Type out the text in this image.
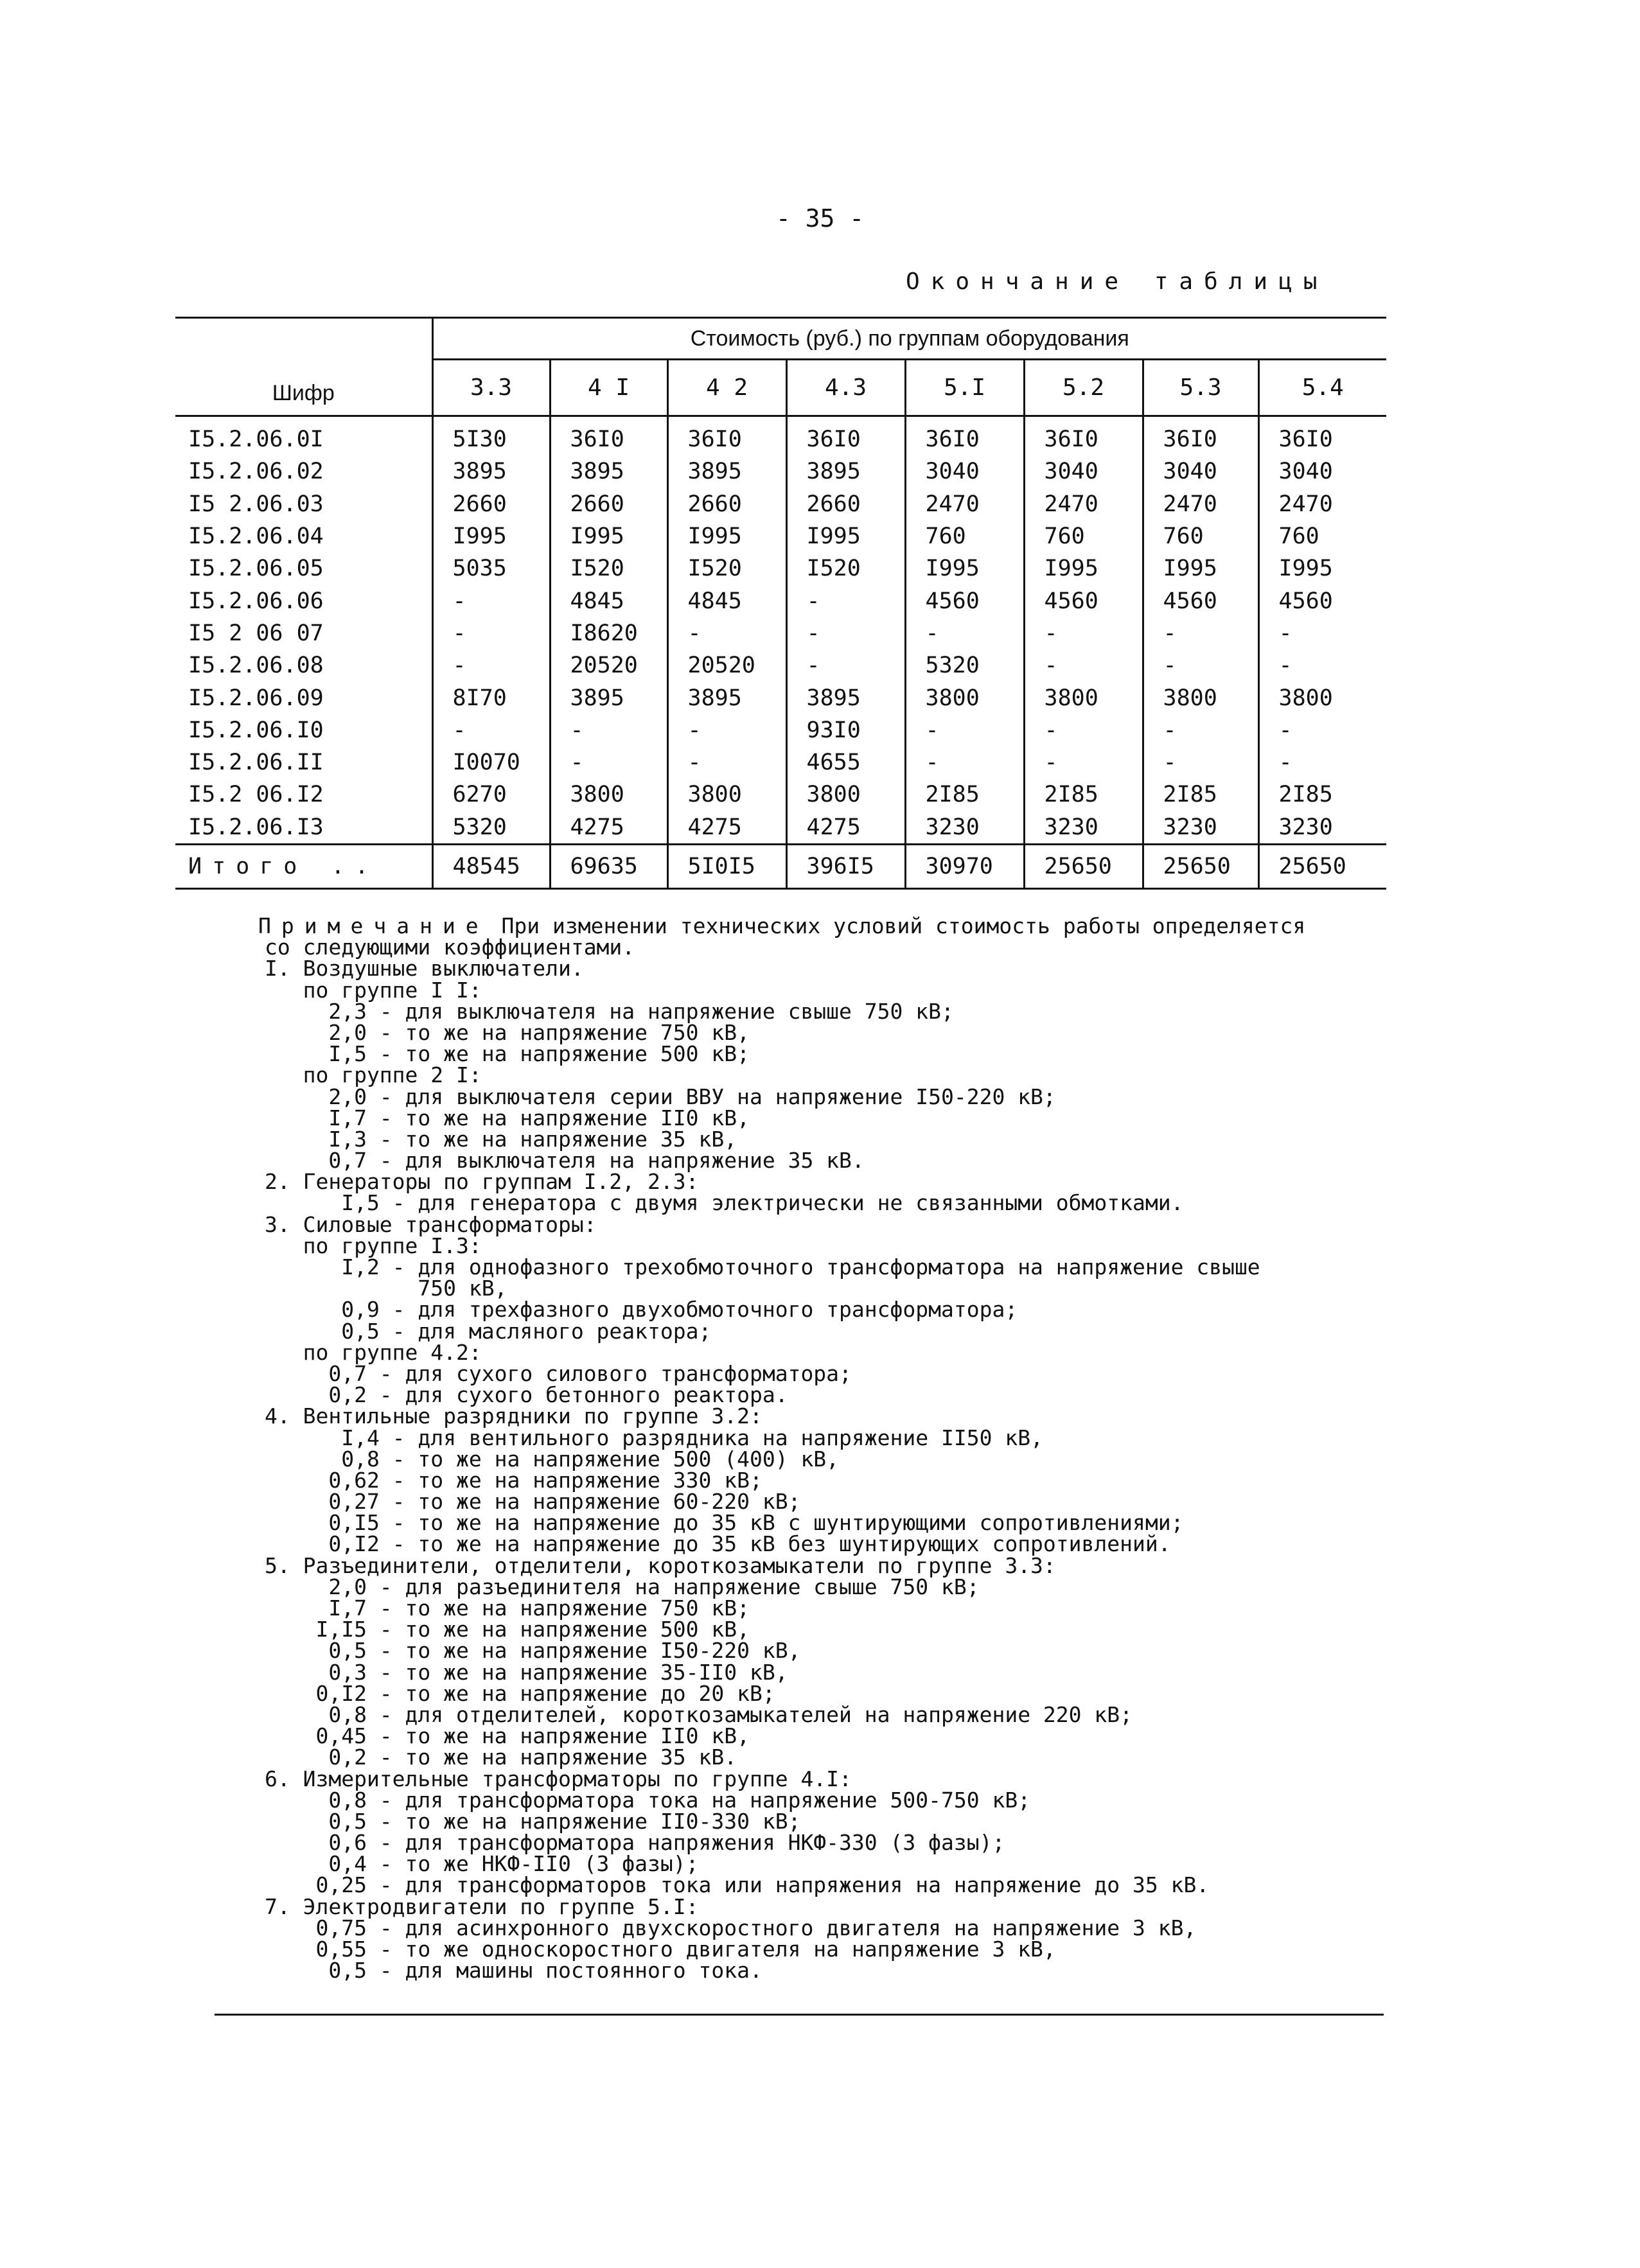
- 35 -
Окончание таблицы
Шифр	Стоимость (руб.) по группам оборудования							
	3.3	4 I	4 2	4.3	5.I	5.2	5.3	5.4
I5.2.06.0I	5I30	36I0	36I0	36I0	36I0	36I0	36I0	36I0
I5.2.06.02	3895	3895	3895	3895	3040	3040	3040	3040
I5 2.06.03	2660	2660	2660	2660	2470	2470	2470	2470
I5.2.06.04	I995	I995	I995	I995	760	760	760	760
I5.2.06.05	5035	I520	I520	I520	I995	I995	I995	I995
I5.2.06.06	-	4845	4845	-	4560	4560	4560	4560
I5 2 06 07	-	I8620	-	-	-	-	-	-
I5.2.06.08	-	20520	20520	-	5320	-	-	-
I5.2.06.09	8I70	3895	3895	3895	3800	3800	3800	3800
I5.2.06.I0	-	-	-	93I0	-	-	-	-
I5.2.06.II	I0070	-	-	4655	-	-	-	-
I5.2 06.I2	6270	3800	3800	3800	2I85	2I85	2I85	2I85
I5.2.06.I3	5320	4275	4275	4275	3230	3230	3230	3230
Итого ..	48545	69635	5I0I5	396I5	30970	25650	25650	25650
Примечание При изменении технических условий стоимость работы определяется
со следующими коэффициентами.
I. Воздушные выключатели.
по группе I I:
2,3 - для выключателя на напряжение свыше 750 кВ;
2,0 - то же на напряжение 750 кВ,
I,5 - то же на напряжение 500 кВ;
по группе 2 I:
2,0 - для выключателя серии ВВУ на напряжение I50-220 кВ;
I,7 - то же на напряжение II0 кВ,
I,3 - то же на напряжение 35 кВ,
0,7 - для выключателя на напряжение 35 кВ.
2. Генераторы по группам I.2, 2.3:
I,5 - для генератора с двумя электрически не связанными обмотками.
3. Силовые трансформаторы:
по группе I.3:
I,2 - для однофазного трехобмоточного трансформатора на напряжение свыше
750 кВ,
0,9 - для трехфазного двухобмоточного трансформатора;
0,5 - для масляного реактора;
по группе 4.2:
0,7 - для сухого силового трансформатора;
0,2 - для сухого бетонного реактора.
4. Вентильные разрядники по группе 3.2:
I,4 - для вентильного разрядника на напряжение II50 кВ,
0,8 - то же на напряжение 500 (400) кВ,
0,62 - то же на напряжение 330 кВ;
0,27 - то же на напряжение 60-220 кВ;
0,I5 - то же на напряжение до 35 кВ с шунтирующими сопротивлениями;
0,I2 - то же на напряжение до 35 кВ без шунтирующих сопротивлений.
5. Разъединители, отделители, короткозамыкатели по группе 3.3:
2,0 - для разъединителя на напряжение свыше 750 кВ;
I,7 - то же на напряжение 750 кВ;
I,I5 - то же на напряжение 500 кВ,
0,5 - то же на напряжение I50-220 кВ,
0,3 - то же на напряжение 35-II0 кВ,
0,I2 - то же на напряжение до 20 кВ;
0,8 - для отделителей, короткозамыкателей на напряжение 220 кВ;
0,45 - то же на напряжение II0 кВ,
0,2 - то же на напряжение 35 кВ.
6. Измерительные трансформаторы по группе 4.I:
0,8 - для трансформатора тока на напряжение 500-750 кВ;
0,5 - то же на напряжение II0-330 кВ;
0,6 - для трансформатора напряжения НКФ-330 (3 фазы);
0,4 - то же НКФ-II0 (3 фазы);
0,25 - для трансформаторов тока или напряжения на напряжение до 35 кВ.
7. Электродвигатели по группе 5.I:
0,75 - для асинхронного двухскоростного двигателя на напряжение 3 кВ,
0,55 - то же односкоростного двигателя на напряжение 3 кВ,
0,5 - для машины постоянного тока.
